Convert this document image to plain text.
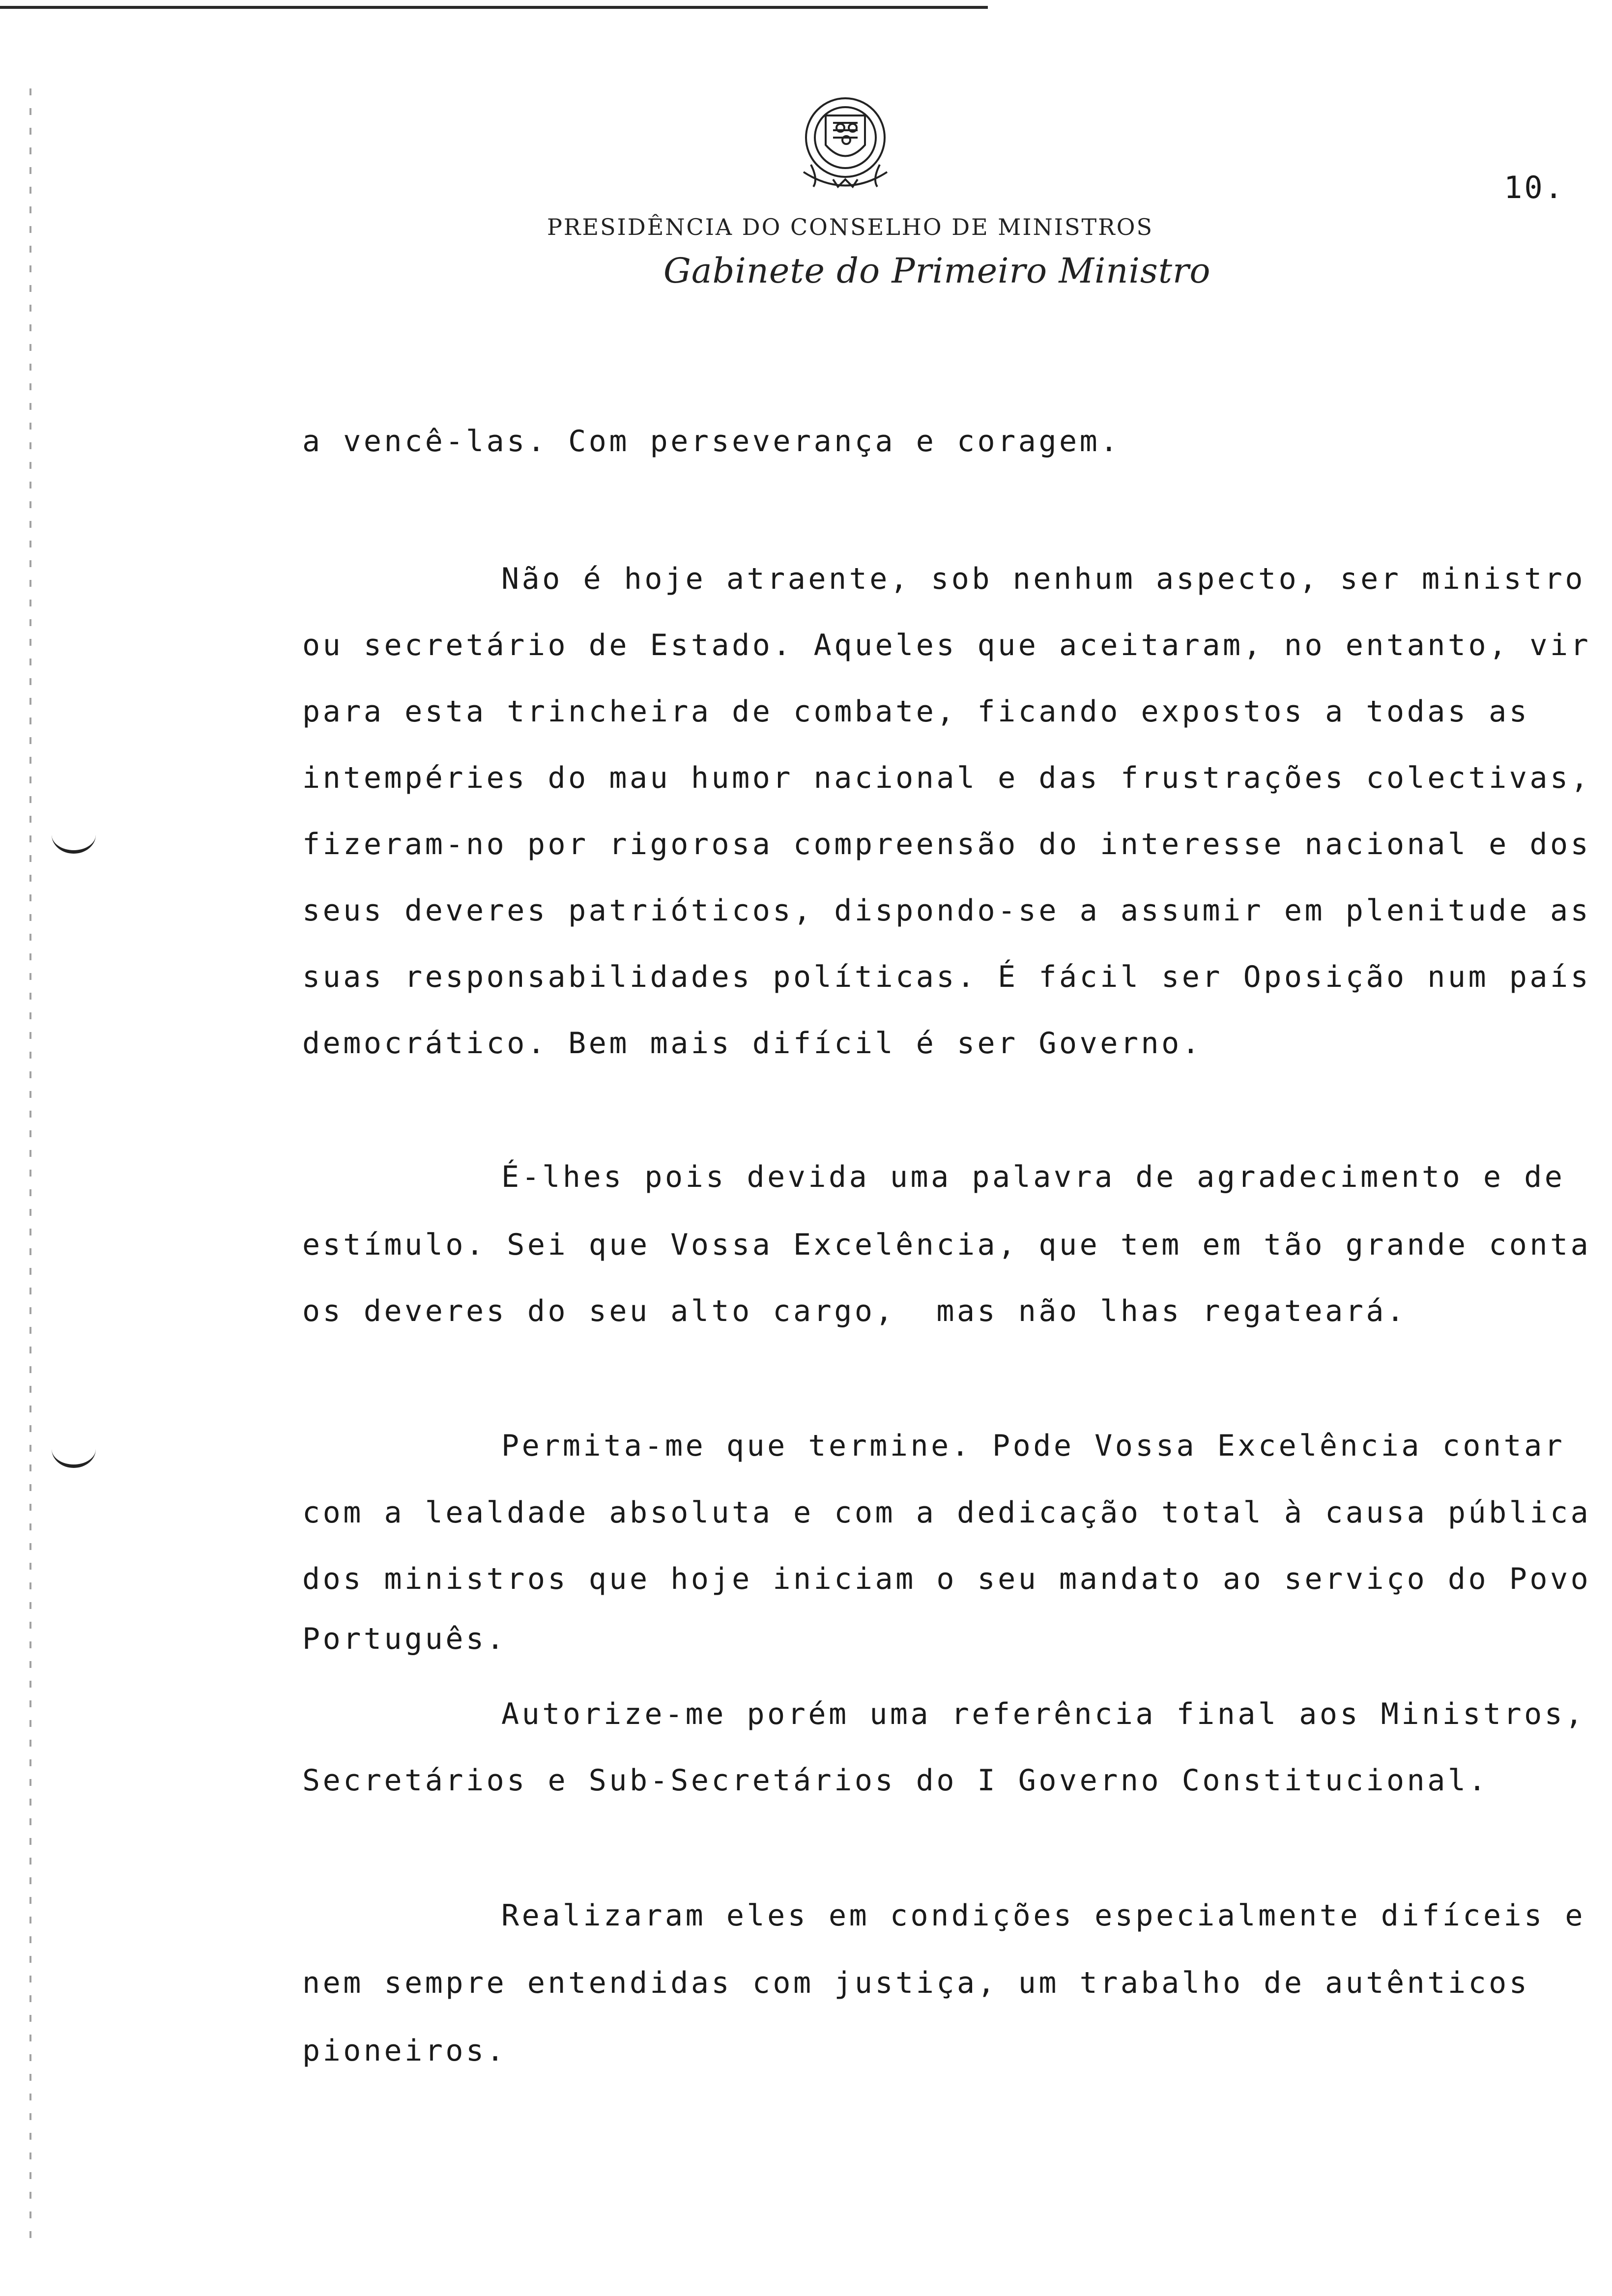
10.
PRESIDÊNCIA DO CONSELHO DE MINISTROS
Gabinete do Primeiro Ministro
a vencê-las. Com perseverança e coragem.
Não é hoje atraente, sob nenhum aspecto, ser ministro
ou secretário de Estado. Aqueles que aceitaram, no entanto, vir
para esta trincheira de combate, ficando expostos a todas as
intempéries do mau humor nacional e das frustrações colectivas,
fizeram-no por rigorosa compreensão do interesse nacional e dos
seus deveres patrióticos, dispondo-se a assumir em plenitude as
suas responsabilidades políticas. É fácil ser Oposição num país
democrático. Bem mais difícil é ser Governo.
É-lhes pois devida uma palavra de agradecimento e de
estímulo. Sei que Vossa Excelência, que tem em tão grande conta
os deveres do seu alto cargo,  mas não lhas regateará.
Permita-me que termine. Pode Vossa Excelência contar
com a lealdade absoluta e com a dedicação total à causa pública
dos ministros que hoje iniciam o seu mandato ao serviço do Povo
Português.
Autorize-me porém uma referência final aos Ministros,
Secretários e Sub-Secretários do I Governo Constitucional.
Realizaram eles em condições especialmente difíceis e
nem sempre entendidas com justiça, um trabalho de autênticos
pioneiros.
